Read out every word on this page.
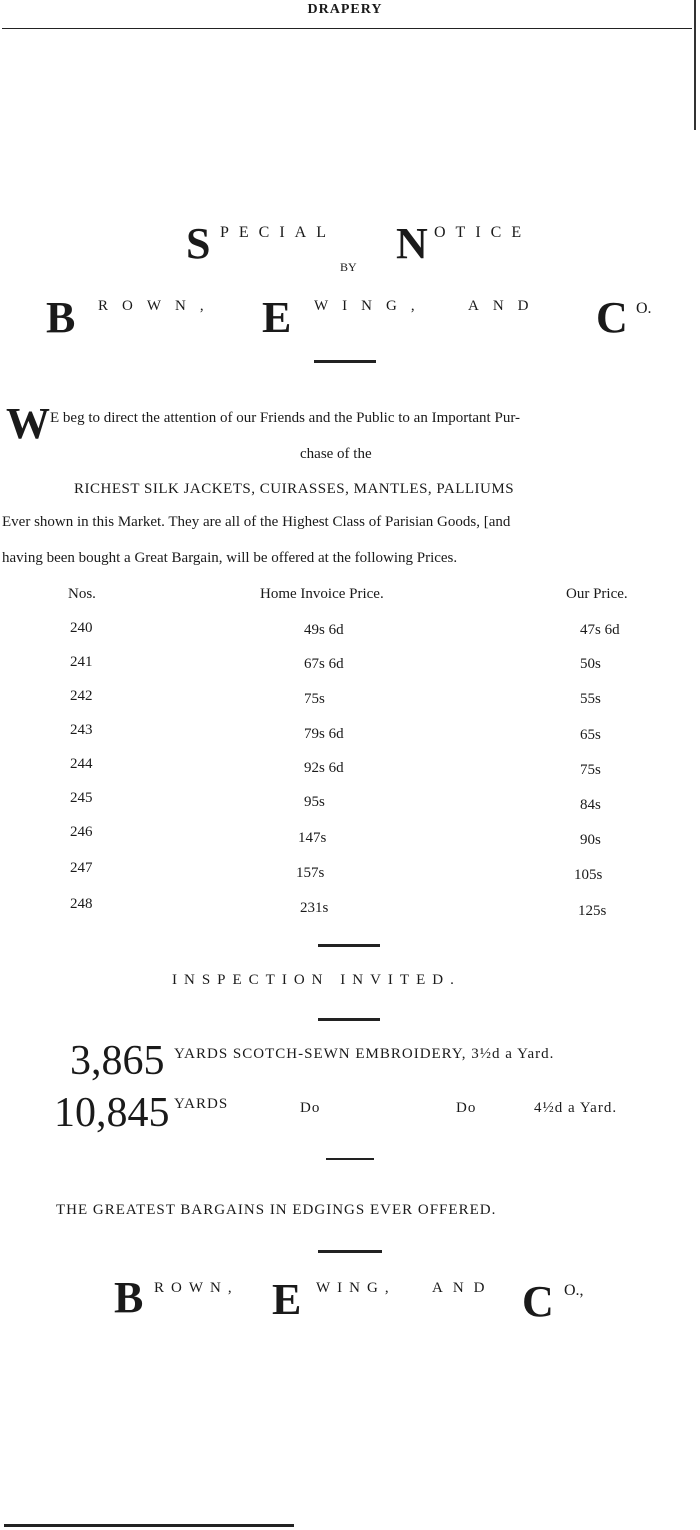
DRAPERY
S PECIAL N OTICE
BY
B ROWN, E WING,	AND C O.
W E beg to direct the attention of our Friends and the Public to an Important Pur-
chase of the
RICHEST SILK JACKETS, CUIRASSES, MANTLES, PALLIUMS
Ever shown in this Market. They are all of the Highest Class of Parisian Goods, [and
having been bought a Great Bargain, will be offered at the following Prices.
Nos.	Home Invoice Price.	Our Price.
240	49s 6d	47s 6d
241	67s 6d	50s
242	75s	55s
243	79s 6d	65s
244	92s 6d	75s
245	95s	84s
246	147s	90s
247	157s	105s
248	231s	125s
INSPECTION INVITED.
3,865 YARDS SCOTCH-SEWN EMBROIDERY, 3½d a Yard.
10,845 YARDS	Do	Do	4½d a Yard.
THE GREATEST BARGAINS IN EDGINGS EVER OFFERED.
B ROWN, E WING, AND C O.,
